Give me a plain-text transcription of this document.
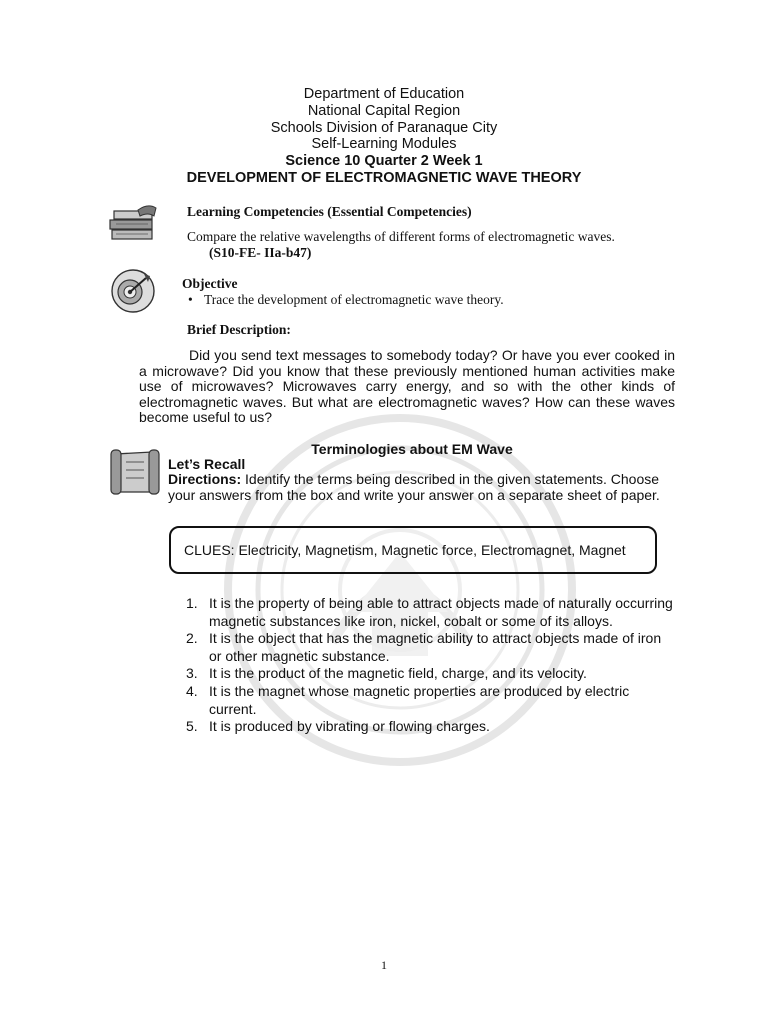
Department of Education
National Capital Region
Schools Division of Paranaque City
Self-Learning Modules
Science 10 Quarter 2 Week 1
DEVELOPMENT OF ELECTROMAGNETIC WAVE THEORY
Learning Competencies (Essential Competencies)
Compare the relative wavelengths of different forms of electromagnetic waves.
(S10-FE- IIa-b47)
Objective
• Trace the development of electromagnetic wave theory.
Brief Description:
Did you send text messages to somebody today? Or have you ever cooked in a microwave? Did you know that these previously mentioned human activities make use of microwaves? Microwaves carry energy, and so with the other kinds of electromagnetic waves. But what are electromagnetic waves? How can these waves become useful to us?
Terminologies about EM Wave
Let’s Recall
Directions: Identify the terms being described in the given statements. Choose your answers from the box and write your answer on a separate sheet of paper.
CLUES: Electricity, Magnetism, Magnetic force, Electromagnet, Magnet
1. It is the property of being able to attract objects made of naturally occurring magnetic substances like iron, nickel, cobalt or some of its alloys.
2. It is the object that has the magnetic ability to attract objects made of iron or other magnetic substance.
3. It is the product of the magnetic field, charge, and its velocity.
4. It is the magnet whose magnetic properties are produced by electric current.
5. It is produced by vibrating or flowing charges.
1
